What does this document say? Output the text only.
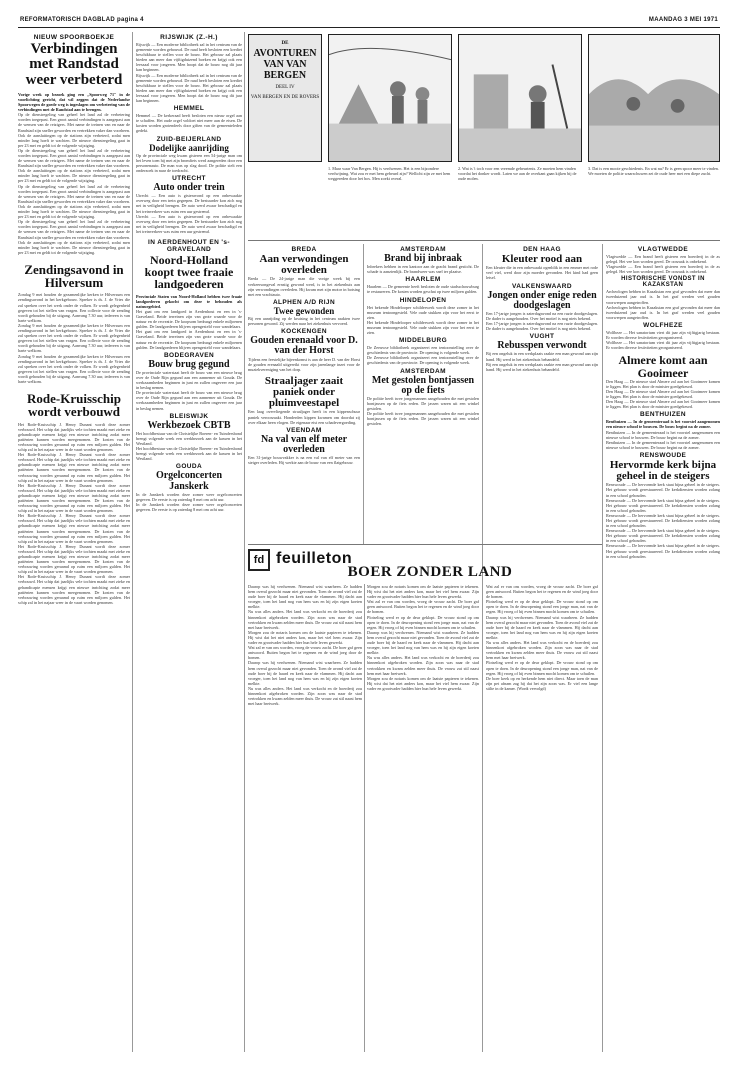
REFORMATORISCH DAGBLAD pagina 4	MAANDAG 3 MEI 1971
NIEUW SPOORBOEKJE
Verbindingen met Randstad weer verbeterd

Vorige week op bezoek ging een „Spoorweg 71" in de voorlichting gericht, dat wil zeggen dat de Nederlandse Spoorwegen de goede weg is ingeslagen om verbetering van de verbindingen met de Randstad aan te brengen.

Op de dienstregeling van geheel het land zal de verbetering worden toegepast. Een groot aantal verbindingen is aangepast aan de wensen van de reizigers. Met name de treinen van en naar de Randstad zijn sneller geworden en vertrekken vaker dan voorheen. Ook de aansluitingen op de stations zijn verbeterd, zodat men minder lang hoeft te wachten. De nieuwe dienstregeling gaat in per 23 mei en geldt tot de volgende wijziging.

Op de dienstregeling van geheel het land zal de verbetering worden toegepast. Een groot aantal verbindingen is aangepast aan de wensen van de reizigers. Met name de treinen van en naar de Randstad zijn sneller geworden en vertrekken vaker dan voorheen. Ook de aansluitingen op de stations zijn verbeterd, zodat men minder lang hoeft te wachten. De nieuwe dienstregeling gaat in per 23 mei en geldt tot de volgende wijziging.

Op de dienstregeling van geheel het land zal de verbetering worden toegepast. Een groot aantal verbindingen is aangepast aan de wensen van de reizigers. Met name de treinen van en naar de Randstad zijn sneller geworden en vertrekken vaker dan voorheen. Ook de aansluitingen op de stations zijn verbeterd, zodat men minder lang hoeft te wachten. De nieuwe dienstregeling gaat in per 23 mei en geldt tot de volgende wijziging.

Op de dienstregeling van geheel het land zal de verbetering worden toegepast. Een groot aantal verbindingen is aangepast aan de wensen van de reizigers. Met name de treinen van en naar de Randstad zijn sneller geworden en vertrekken vaker dan voorheen. Ook de aansluitingen op de stations zijn verbeterd, zodat men minder lang hoeft te wachten. De nieuwe dienstregeling gaat in per 23 mei en geldt tot de volgende wijziging.

Zendingsavond in Hilversum

Zondag 9 mei houden de gezamenlijke kerken te Hilversum een zendingsavond in het kerkgebouw. Spreker is ds. J. de Vries die zal spreken over het werk onder de volken. Er wordt gelegenheid gegeven tot het stellen van vragen. Een collecte voor de zending wordt gehouden bij de uitgang. Aanvang 7.30 uur, iedereen is van harte welkom.

Zondag 9 mei houden de gezamenlijke kerken te Hilversum een zendingsavond in het kerkgebouw. Spreker is ds. J. de Vries die zal spreken over het werk onder de volken. Er wordt gelegenheid gegeven tot het stellen van vragen. Een collecte voor de zending wordt gehouden bij de uitgang. Aanvang 7.30 uur, iedereen is van harte welkom.

Zondag 9 mei houden de gezamenlijke kerken te Hilversum een zendingsavond in het kerkgebouw. Spreker is ds. J. de Vries die zal spreken over het werk onder de volken. Er wordt gelegenheid gegeven tot het stellen van vragen. Een collecte voor de zending wordt gehouden bij de uitgang. Aanvang 7.30 uur, iedereen is van harte welkom.

Rode-Kruisschip wordt verbouwd

Het Rode-Kruisschip J. Henry Dunant wordt deze zomer verbouwd. Het schip dat jaarlijks vele tochten maakt met zieke en gehandicapte mensen krijgt een nieuwe inrichting zodat meer patiënten kunnen worden meegenomen. De kosten van de verbouwing worden geraamd op ruim een miljoen gulden. Het schip zal in het najaar weer in de vaart worden genomen.

Het Rode-Kruisschip J. Henry Dunant wordt deze zomer verbouwd. Het schip dat jaarlijks vele tochten maakt met zieke en gehandicapte mensen krijgt een nieuwe inrichting zodat meer patiënten kunnen worden meegenomen. De kosten van de verbouwing worden geraamd op ruim een miljoen gulden. Het schip zal in het najaar weer in de vaart worden genomen.

Het Rode-Kruisschip J. Henry Dunant wordt deze zomer verbouwd. Het schip dat jaarlijks vele tochten maakt met zieke en gehandicapte mensen krijgt een nieuwe inrichting zodat meer patiënten kunnen worden meegenomen. De kosten van de verbouwing worden geraamd op ruim een miljoen gulden. Het schip zal in het najaar weer in de vaart worden genomen.

Het Rode-Kruisschip J. Henry Dunant wordt deze zomer verbouwd. Het schip dat jaarlijks vele tochten maakt met zieke en gehandicapte mensen krijgt een nieuwe inrichting zodat meer patiënten kunnen worden meegenomen. De kosten van de verbouwing worden geraamd op ruim een miljoen gulden. Het schip zal in het najaar weer in de vaart worden genomen.

Het Rode-Kruisschip J. Henry Dunant wordt deze zomer verbouwd. Het schip dat jaarlijks vele tochten maakt met zieke en gehandicapte mensen krijgt een nieuwe inrichting zodat meer patiënten kunnen worden meegenomen. De kosten van de verbouwing worden geraamd op ruim een miljoen gulden. Het schip zal in het najaar weer in de vaart worden genomen.

Het Rode-Kruisschip J. Henry Dunant wordt deze zomer verbouwd. Het schip dat jaarlijks vele tochten maakt met zieke en gehandicapte mensen krijgt een nieuwe inrichting zodat meer patiënten kunnen worden meegenomen. De kosten van de verbouwing worden geraamd op ruim een miljoen gulden. Het schip zal in het najaar weer in de vaart worden genomen.

RIJSWIJK (Z.-H.)

Rijswijk — Een moderne bibliotheek zal in het centrum van de gemeente worden gebouwd. De raad heeft besloten een krediet beschikbaar te stellen voor de bouw. Het gebouw zal plaats bieden aan meer dan vijftigduizend boeken en krijgt ook een leeszaal voor jongeren. Men hoopt dat de bouw nog dit jaar kan beginnen.

Rijswijk — Een moderne bibliotheek zal in het centrum van de gemeente worden gebouwd. De raad heeft besloten een krediet beschikbaar te stellen voor de bouw. Het gebouw zal plaats bieden aan meer dan vijftigduizend boeken en krijgt ook een leeszaal voor jongeren. Men hoopt dat de bouw nog dit jaar kan beginnen.

HEMMEL

Hemmel — De kerkeraad heeft besloten een nieuw orgel aan te schaffen. Het oude orgel voldoet niet meer aan de eisen. De kosten worden grotendeels door giften van de gemeenteleden gedekt.

ZUID-BEIJERLAND
Dodelijke aanrijding

Op de provinciale weg kwam gisteren een 54-jarige man om het leven toen hij met zijn bromfiets werd aangereden door een personenauto. De man was op slag dood. De politie stelt een onderzoek in naar de toedracht.

UTRECHT
Auto onder trein

Utrecht — Een auto is gisteravond op een onbewaakte overweg door een trein gegrepen. De bestuurder kon zich nog net in veiligheid brengen. De auto werd zwaar beschadigd en het treinverkeer was ruim een uur gestremd.

Utrecht — Een auto is gisteravond op een onbewaakte overweg door een trein gegrepen. De bestuurder kon zich nog net in veiligheid brengen. De auto werd zwaar beschadigd en het treinverkeer was ruim een uur gestremd.

IN AERDENHOUT EN 's-GRAVELAND
Noord-Holland koopt twee fraaie landgoederen

Provinciale Staten van Noord-Holland hebben twee fraaie landgoederen gekocht om deze te behouden als natuurgebied.

Het gaat om een landgoed in Aerdenhout en een in 's-Graveland. Beide terreinen zijn van grote waarde voor de natuur en de recreatie. De koopsom bedraagt enkele miljoenen gulden. De landgoederen blijven opengesteld voor wandelaars.

Het gaat om een landgoed in Aerdenhout en een in 's-Graveland. Beide terreinen zijn van grote waarde voor de natuur en de recreatie. De koopsom bedraagt enkele miljoenen gulden. De landgoederen blijven opengesteld voor wandelaars.

BODEGRAVEN
Bouw brug gegund

De provinciale waterstaat heeft de bouw van een nieuwe brug over de Oude Rijn gegund aan een aannemer uit Gouda. De werkzaamheden beginnen in juni en zullen ongeveer een jaar in beslag nemen.

De provinciale waterstaat heeft de bouw van een nieuwe brug over de Oude Rijn gegund aan een aannemer uit Gouda. De werkzaamheden beginnen in juni en zullen ongeveer een jaar in beslag nemen.

BLEISWIJK
Werkbezoek CBTB

Het hoofdbestuur van de Christelijke Boeren- en Tuindersbond brengt volgende week een werkbezoek aan de kassen in het Westland.

Het hoofdbestuur van de Christelijke Boeren- en Tuindersbond brengt volgende week een werkbezoek aan de kassen in het Westland.

GOUDA
Orgelconcerten Janskerk

In de Janskerk worden deze zomer weer orgelconcerten gegeven. De eerste is op zaterdag 8 mei om acht uur.

In de Janskerk worden deze zomer weer orgelconcerten gegeven. De eerste is op zaterdag 8 mei om acht uur.

DE
AVONTUREN VAN VAN BERGEN
DEEL IV
VAN BERGEN EN DE ROVERS
1. Maar waar Van Bergen. Hij is verdwenen. Het is een bijzondere verdwijning. Wat zou er met hem gebeurd zijn? Wellicht zijn ze met hem weggereden door het bos. Men zoekt overal.
2. Wat is 't toch voor een vreemde gebeurtenis. Ze moeten hem vinden voordat het donker wordt. Laten we aan de overkant gaan kijken bij de oude molen.
3. Dat is een mooie geschiedenis. En wat nu? Er is geen spoor meer te vinden. We moeten de politie waarschuwen zei de oude heer met een diepe zucht.
BREDA
Aan verwondingen overleden

Breda — De 24-jarige man die vorige week bij een verkeersongeval ernstig gewond werd, is in het ziekenhuis aan zijn verwondingen overleden. Hij kwam met zijn motor in botsing met een vrachtauto.

ALPHEN A/D RIJN
Twee gewonden

Bij een aanrijding op de kruising in het centrum raakten twee personen gewond. Zij werden naar het ziekenhuis vervoerd.

KOCKENGEN
Gouden erenaald voor D. van der Horst

Tijdens een feestelijke bijeenkomst is aan de heer D. van der Horst de gouden erenaald uitgereikt voor zijn jarenlange inzet voor de muziekvereniging van het dorp.

Straaljager zaait paniek onder pluimveestapel

Een laag overvliegende straaljager heeft in een kippenschuur paniek veroorzaakt. Honderden kippen kwamen om doordat zij over elkaar heen vlogen. De eigenaar eist een schadevergoeding.

VEENDAM
Na val van elf meter overleden

Een 31-jarige bouwvakker is na een val van elf meter van een steiger overleden. Hij werkte aan de bouw van een flatgebouw.

AMSTERDAM
Brand bij inbraak

Inbrekers hebben in een kantoor aan de gracht brand gesticht. De schade is aanzienlijk. De brandweer was snel ter plaatse.

HAARLEM

Haarlem — De gemeente heeft besloten de oude stadsschouwburg te restaureren. De kosten worden geschat op twee miljoen gulden.

HINDELOPEN

Het bekende Hindelooper schilderwerk wordt deze zomer in het museum tentoongesteld. Vele oude stukken zijn voor het eerst te zien.

Het bekende Hindelooper schilderwerk wordt deze zomer in het museum tentoongesteld. Vele oude stukken zijn voor het eerst te zien.

MIDDELBURG

De Zeeuwse bibliotheek organiseert een tentoonstelling over de geschiedenis van de provincie. De opening is volgende week.

De Zeeuwse bibliotheek organiseert een tentoonstelling over de geschiedenis van de provincie. De opening is volgende week.

AMSTERDAM
Met gestolen bontjassen op de fiets

De politie heeft twee jongemannen aangehouden die met gestolen bontjassen op de fiets reden. De jassen waren uit een winkel gestolen.

De politie heeft twee jongemannen aangehouden die met gestolen bontjassen op de fiets reden. De jassen waren uit een winkel gestolen.

DEN HAAG
Kleuter rood aan

Een kleuter die in een onbewaakt ogenblik in een emmer met rode verf viel, werd door zijn moeder gevonden. Het kind had geen letsel.

VALKENSWAARD
Jongen onder enige reden doodgeslagen

Een 17-jarige jongen is zaterdagavond na een ruzie doodgeslagen. De dader is aangehouden. Over het motief is nog niets bekend.

Een 17-jarige jongen is zaterdagavond na een ruzie doodgeslagen. De dader is aangehouden. Over het motief is nog niets bekend.

VUGHT
Rebusspen verwondt

Bij een ongeluk in een werkplaats raakte een man gewond aan zijn hand. Hij werd in het ziekenhuis behandeld.

Bij een ongeluk in een werkplaats raakte een man gewond aan zijn hand. Hij werd in het ziekenhuis behandeld.

VLAGTWEDDE

Vlagtwedde — Een brand heeft gisteren een boerderij in de as gelegd. Het vee kon worden gered. De oorzaak is onbekend.

Vlagtwedde — Een brand heeft gisteren een boerderij in de as gelegd. Het vee kon worden gered. De oorzaak is onbekend.

HISTORISCHE VONDST IN KAZAKSTAN

Archeologen hebben in Kazakstan een graf gevonden dat meer dan tweeduizend jaar oud is. In het graf werden veel gouden voorwerpen aangetroffen.

Archeologen hebben in Kazakstan een graf gevonden dat meer dan tweeduizend jaar oud is. In het graf werden veel gouden voorwerpen aangetroffen.

WOLFHEZE

Wolfheze — Het sanatorium viert dit jaar zijn vijftigjarig bestaan. Er worden diverse festiviteiten georganiseerd.

Wolfheze — Het sanatorium viert dit jaar zijn vijftigjarig bestaan. Er worden diverse festiviteiten georganiseerd.

Almere komt aan Gooimeer

Den Haag — De nieuwe stad Almere zal aan het Gooimeer komen te liggen. Het plan is door de minister goedgekeurd.

Den Haag — De nieuwe stad Almere zal aan het Gooimeer komen te liggen. Het plan is door de minister goedgekeurd.

Den Haag — De nieuwe stad Almere zal aan het Gooimeer komen te liggen. Het plan is door de minister goedgekeurd.

BENTHUIZEN

Benthuizen — In de gemeenteraad is het voorstel aangenomen een nieuwe school te bouwen. De bouw begint na de zomer.

Benthuizen — In de gemeenteraad is het voorstel aangenomen een nieuwe school te bouwen. De bouw begint na de zomer.

Benthuizen — In de gemeenteraad is het voorstel aangenomen een nieuwe school te bouwen. De bouw begint na de zomer.

RENSWOUDE
Hervormde kerk bijna geheel in de steigers

Renswoude — De hervormde kerk staat bijna geheel in de steigers. Het gebouw wordt gerestaureerd. De kerkdiensten worden zolang in een school gehouden.

Renswoude — De hervormde kerk staat bijna geheel in de steigers. Het gebouw wordt gerestaureerd. De kerkdiensten worden zolang in een school gehouden.

Renswoude — De hervormde kerk staat bijna geheel in de steigers. Het gebouw wordt gerestaureerd. De kerkdiensten worden zolang in een school gehouden.

Renswoude — De hervormde kerk staat bijna geheel in de steigers. Het gebouw wordt gerestaureerd. De kerkdiensten worden zolang in een school gehouden.

Renswoude — De hervormde kerk staat bijna geheel in de steigers. Het gebouw wordt gerestaureerd. De kerkdiensten worden zolang in een school gehouden.

fd feuilleton
BOER ZONDER LAND

Daarop was hij verdwenen. Niemand wist waarheen. Ze hadden hem overal gezocht maar niet gevonden. Toen de avond viel zat de oude boer bij de haard en keek naar de vlammen. Hij dacht aan vroeger, toen het land nog van hem was en hij zijn eigen koeien melkte.

Nu was alles anders. Het land was verkocht en de boerderij zou binnenkort afgebroken worden. Zijn zoon was naar de stad vertrokken en kwam zelden meer thuis. De vrouw zat stil naast hem met haar breiwerk.

Morgen zou de notaris komen om de laatste papieren te tekenen. Hij wist dat het niet anders kon, maar het viel hem zwaar. Zijn vader en grootvader hadden hier hun hele leven gewerkt.

Wat zal er van ons worden, vroeg de vrouw zacht. De boer gaf geen antwoord. Buiten begon het te regenen en de wind joeg door de bomen.

Daarop was hij verdwenen. Niemand wist waarheen. Ze hadden hem overal gezocht maar niet gevonden. Toen de avond viel zat de oude boer bij de haard en keek naar de vlammen. Hij dacht aan vroeger, toen het land nog van hem was en hij zijn eigen koeien melkte.

Nu was alles anders. Het land was verkocht en de boerderij zou binnenkort afgebroken worden. Zijn zoon was naar de stad vertrokken en kwam zelden meer thuis. De vrouw zat stil naast hem met haar breiwerk.

Morgen zou de notaris komen om de laatste papieren te tekenen. Hij wist dat het niet anders kon, maar het viel hem zwaar. Zijn vader en grootvader hadden hier hun hele leven gewerkt.

Wat zal er van ons worden, vroeg de vrouw zacht. De boer gaf geen antwoord. Buiten begon het te regenen en de wind joeg door de bomen.

Plotseling werd er op de deur geklopt. De vrouw stond op om open te doen. In de deuropening stond een jonge man, nat van de regen. Hij vroeg of hij even binnen mocht komen om te schuilen.

Daarop was hij verdwenen. Niemand wist waarheen. Ze hadden hem overal gezocht maar niet gevonden. Toen de avond viel zat de oude boer bij de haard en keek naar de vlammen. Hij dacht aan vroeger, toen het land nog van hem was en hij zijn eigen koeien melkte.

Nu was alles anders. Het land was verkocht en de boerderij zou binnenkort afgebroken worden. Zijn zoon was naar de stad vertrokken en kwam zelden meer thuis. De vrouw zat stil naast hem met haar breiwerk.

Morgen zou de notaris komen om de laatste papieren te tekenen. Hij wist dat het niet anders kon, maar het viel hem zwaar. Zijn vader en grootvader hadden hier hun hele leven gewerkt.

Wat zal er van ons worden, vroeg de vrouw zacht. De boer gaf geen antwoord. Buiten begon het te regenen en de wind joeg door de bomen.

Plotseling werd er op de deur geklopt. De vrouw stond op om open te doen. In de deuropening stond een jonge man, nat van de regen. Hij vroeg of hij even binnen mocht komen om te schuilen.

Daarop was hij verdwenen. Niemand wist waarheen. Ze hadden hem overal gezocht maar niet gevonden. Toen de avond viel zat de oude boer bij de haard en keek naar de vlammen. Hij dacht aan vroeger, toen het land nog van hem was en hij zijn eigen koeien melkte.

Nu was alles anders. Het land was verkocht en de boerderij zou binnenkort afgebroken worden. Zijn zoon was naar de stad vertrokken en kwam zelden meer thuis. De vrouw zat stil naast hem met haar breiwerk.

Plotseling werd er op de deur geklopt. De vrouw stond op om open te doen. In de deuropening stond een jonge man, nat van de regen. Hij vroeg of hij even binnen mocht komen om te schuilen.

De boer keek op en herkende hem niet direct. Maar toen de man zijn pet afnam zag hij dat het zijn zoon was. Er viel een lange stilte in de kamer. (Wordt vervolgd)
